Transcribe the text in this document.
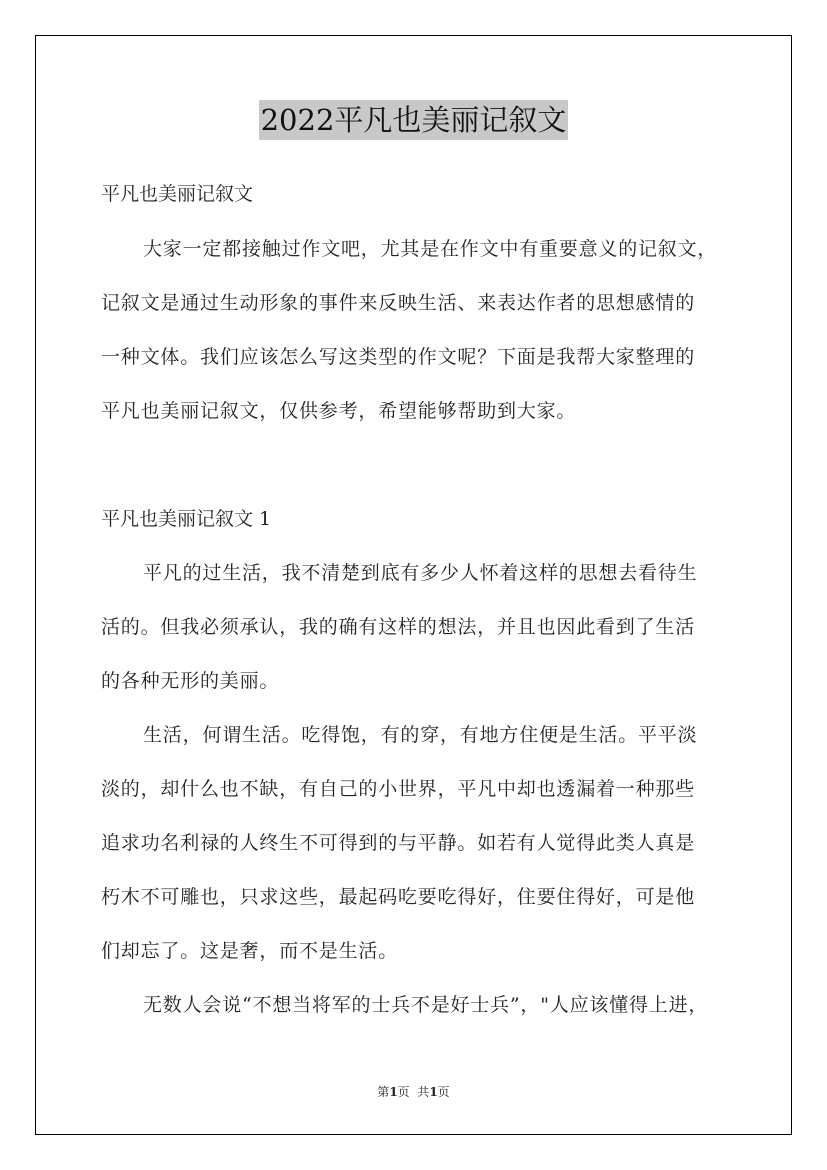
2022平凡也美丽记叙文
平凡也美丽记叙文
大家一定都接触过作文吧，尤其是在作文中有重要意义的记叙文，
记叙文是通过生动形象的事件来反映生活、来表达作者的思想感情的
一种文体。我们应该怎么写这类型的作文呢？下面是我帮大家整理的
平凡也美丽记叙文，仅供参考，希望能够帮助到大家。
平凡也美丽记叙文 1
平凡的过生活，我不清楚到底有多少人怀着这样的思想去看待生
活的。但我必须承认，我的确有这样的想法，并且也因此看到了生活
的各种无形的美丽。
生活，何谓生活。吃得饱，有的穿，有地方住便是生活。平平淡
淡的，却什么也不缺，有自己的小世界，平凡中却也透漏着一种那些
追求功名利禄的人终生不可得到的与平静。如若有人觉得此类人真是
朽木不可雕也，只求这些，最起码吃要吃得好，住要住得好，可是他
们却忘了。这是奢，而不是生活。
无数人会说“不想当将军的士兵不是好士兵”，"人应该懂得上进，
第1页  共1页
